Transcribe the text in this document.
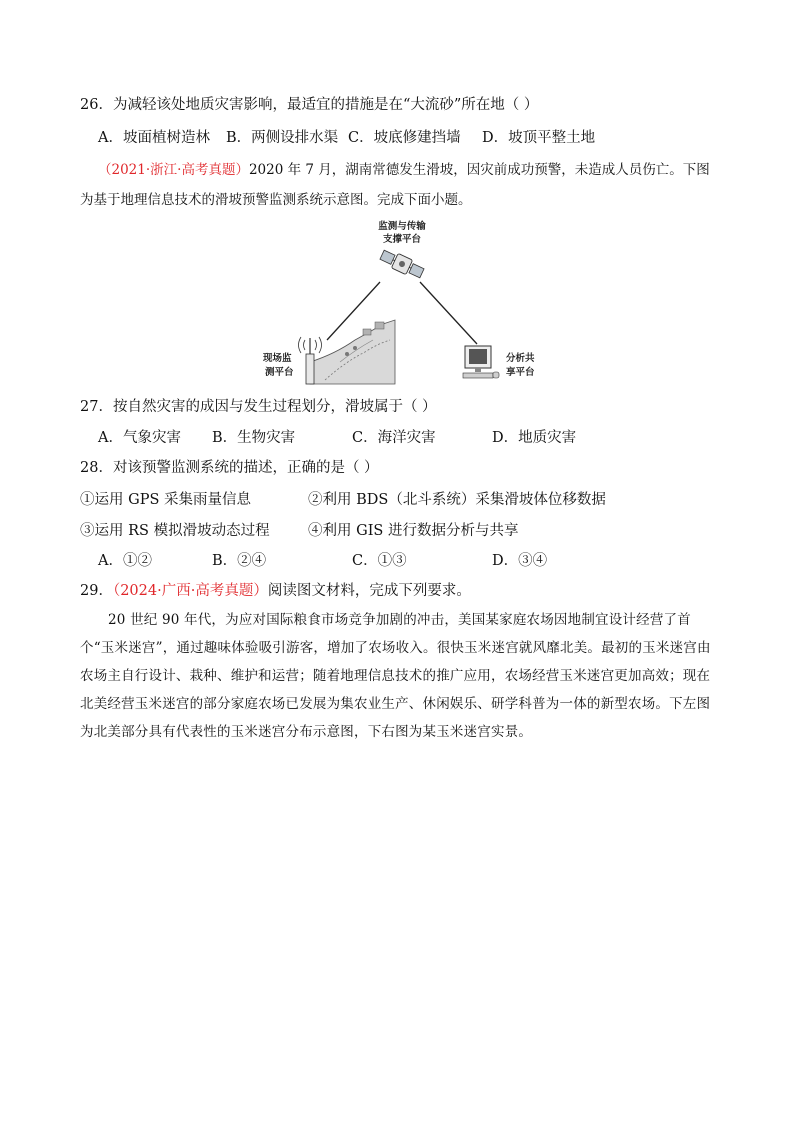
26．为减轻该处地质灾害影响，最适宜的措施是在“大流砂”所在地（ ）
A．坡面植树造林 B．两侧设排水渠 C．坡底修建挡墙 D．坡顶平整土地
（2021·浙江·高考真题）2020 年 7 月，湖南常德发生滑坡，因灾前成功预警，未造成人员伤亡。下图
为基于地理信息技术的滑坡预警监测系统示意图。完成下面小题。
监测与传输
支撑平台
现场监
测平台
分析共
享平台
27．按自然灾害的成因与发生过程划分，滑坡属于（ ）
A．气象灾害 B．生物灾害	C．海洋灾害	D．地质灾害
28．对该预警监测系统的描述，正确的是（ ）
①运用 GPS 采集雨量信息	②利用 BDS（北斗系统）采集滑坡体位移数据
③运用 RS 模拟滑坡动态过程	④利用 GIS 进行数据分析与共享
A．①②	B．②④	C．①③	D．③④
29．（2024·广西·高考真题）阅读图文材料，完成下列要求。
20 世纪 90 年代，为应对国际粮食市场竞争加剧的冲击，美国某家庭农场因地制宜设计经营了首个“玉米迷宫”，通过趣味体验吸引游客，增加了农场收入。很快玉米迷宫就风靡北美。最初的玉米迷宫由农场主自行设计、栽种、维护和运营；随着地理信息技术的推广应用，农场经营玉米迷宫更加高效；现在北美经营玉米迷宫的部分家庭农场已发展为集农业生产、休闲娱乐、研学科普为一体的新型农场。下左图为北美部分具有代表性的玉米迷宫分布示意图，下右图为某玉米迷宫实景。
